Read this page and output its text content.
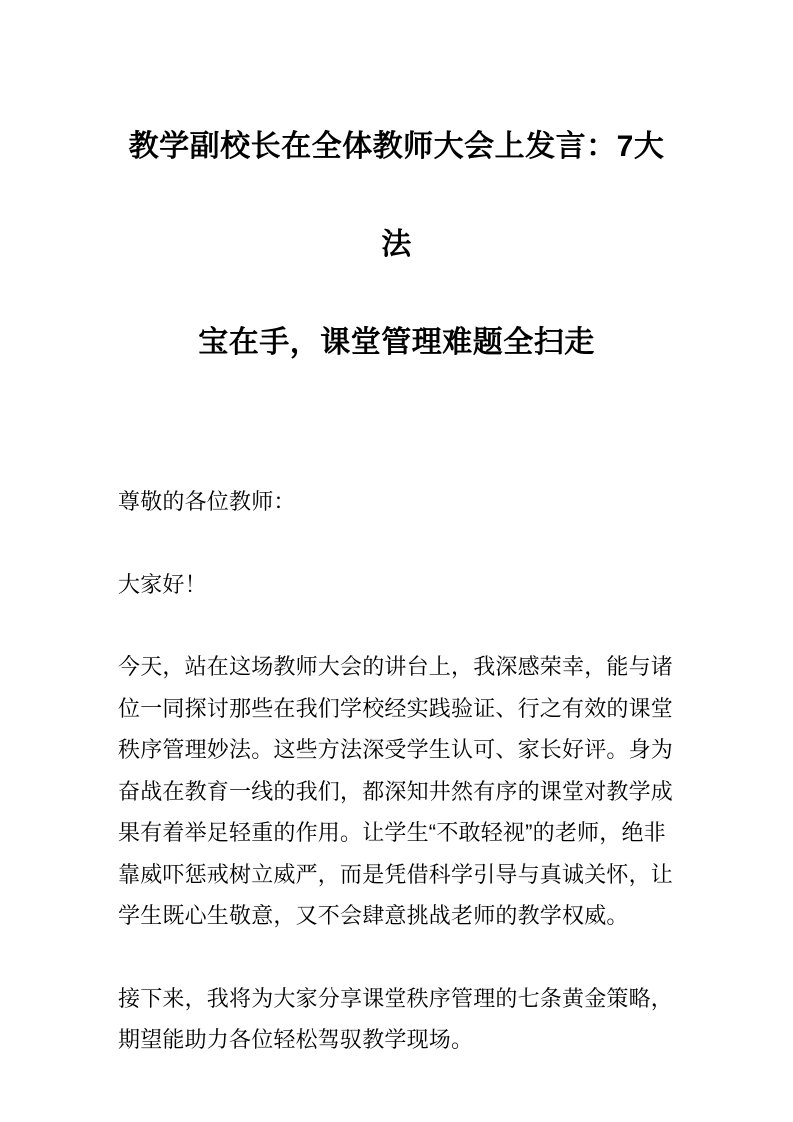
教学副校长在全体教师大会上发言：7大法
宝在手，课堂管理难题全扫走

尊敬的各位教师：

大家好！

今天，站在这场教师大会的讲台上，我深感荣幸，能与诸位一同探讨那些在我们学校经实践验证、行之有效的课堂秩序管理妙法。这些方法深受学生认可、家长好评。身为奋战在教育一线的我们，都深知井然有序的课堂对教学成果有着举足轻重的作用。让学生“不敢轻视”的老师，绝非靠威吓惩戒树立威严，而是凭借科学引导与真诚关怀，让学生既心生敬意，又不会肆意挑战老师的教学权威。

接下来，我将为大家分享课堂秩序管理的七条黄金策略，期望能助力各位轻松驾驭教学现场。
